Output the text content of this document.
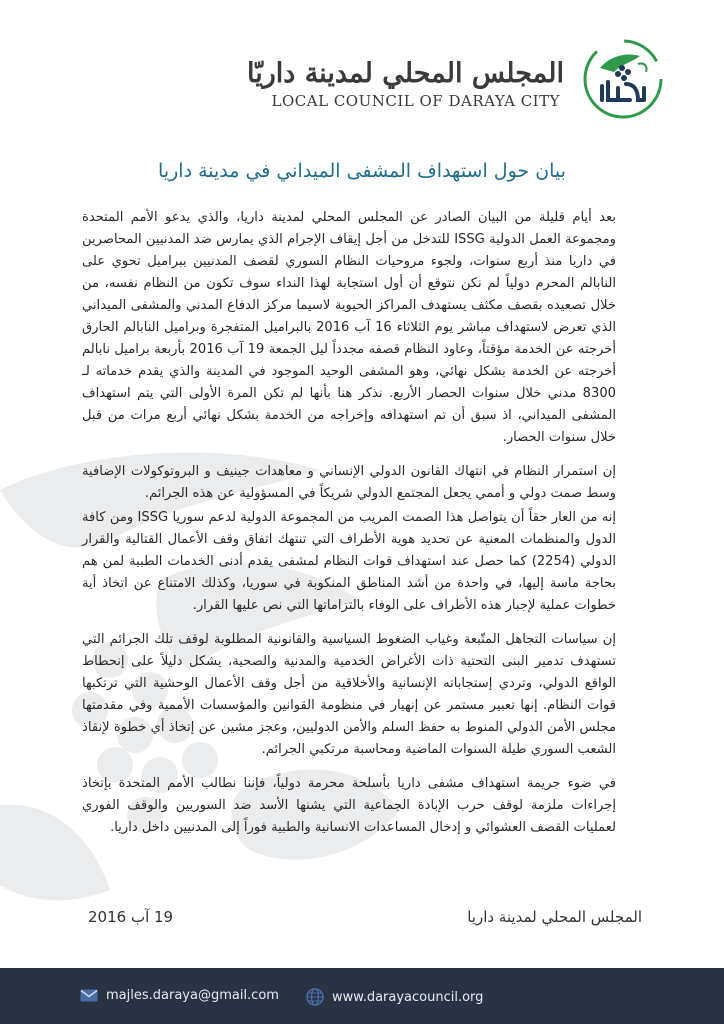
المجلس المحلي لمدينة داريّا
LOCAL COUNCIL OF DARAYA CITY
بيان حول استهداف المشفى الميداني في مدينة داريا

بعد أيام قليلة من البيان الصادر عن المجلس المحلي لمدينة داريا، والذي يدعو الأمم المتحدة ومجموعة العمل الدولية ISSG للتدخل من أجل إيقاف الإجرام الذي يمارس ضد المدنيين المحاصرين في داريا منذ أربع سنوات، ولجوء مروحيات النظام السوري لقصف المدنيين ببراميل تحوي على النابالم المحرم دولياً لم نكن نتوقع أن أول استجابة لهذا النداء سوف تكون من النظام نفسه، من خلال تصعيده بقصف مكثف يستهدف المراكز الحيوية لاسيما مركز الدفاع المدني والمشفى الميداني الذي تعرض لاستهداف مباشر يوم الثلاثاء 16 آب 2016 بالبراميل المتفجرة وبراميل النابالم الحارق أخرجته عن الخدمة مؤقتاً، وعاود النظام قصفه مجدداً ليل الجمعة 19 آب 2016 بأربعة براميل نابالم أخرجته عن الخدمة بشكل نهائي، وهو المشفى الوحيد الموجود في المدينة والذي يقدم خدماته لـ 8300 مدني خلال سنوات الحصار الأربع. نذكر هنا بأنها لم تكن المرة الأولى التي يتم استهداف المشفى الميداني، اذ سبق أن تم استهدافه وإخراجه من الخدمة بشكل نهائي أربع مرات من قبل خلال سنوات الحصار.

إن استمرار النظام في انتهاك القانون الدولي الإنساني و معاهدات جينيف و البروتوكولات الإضافية وسط صمت دولي و أممي يجعل المجتمع الدولي شريكاً في المسؤولية عن هذه الجرائم.

إنه من العار حقاً أن يتواصل هذا الصمت المريب من المجموعة الدولية لدعم سوريا ISSG ومن كافة الدول والمنظمات المعنية عن تحديد هوية الأطراف التي تنتهك اتفاق وقف الأعمال القتالية والقرار الدولي (2254) كما حصل عند استهداف قوات النظام لمشفى يقدم أدنى الخدمات الطبية لمن هم بحاجة ماسة إليها، في واحدة من أشد المناطق المنكوبة في سوريا، وكذلك الامتناع عن اتخاذ أية خطوات عملية لإجبار هذه الأطراف على الوفاء بالتزاماتها التي نص عليها القرار.

إن سياسات التجاهل المتّبعة وغياب الضغوط السياسية والقانونية المطلوبة لوقف تلك الجرائم التي تستهدف تدمير البنى التحتية ذات الأغراض الخدمية والمدنية والصحية، يشكل دليلاً على إنحطاط الواقع الدولي، وتردي إستجاباته الإنسانية والأخلاقية من أجل وقف الأعمال الوحشية التي ترتكبها قوات النظام. إنها تعبير مستمر عن إنهيار في منظومة القوانين والمؤسسات الأممية وفي مقدمتها مجلس الأمن الدولي المنوط به حفظ السلم والأمن الدوليين، وعجز مشين عن إتخاذ أي خطوة لإنقاذ الشعب السوري طيلة السنوات الماضية ومحاسبة مرتكبي الجرائم.

في ضوء جريمة استهداف مشفى داريا بأسلحة محرمة دولياً، فإننا نطالب الأمم المتحدة بإتخاذ إجراءات ملزمة لوقف حرب الإبادة الجماعية التي يشنها الأسد ضد السوريين والوقف الفوري لعمليات القصف العشوائي و إدخال المساعدات الانسانية والطبية فوراً إلى المدنيين داخل داريا.

المجلس المحلي لمدينة داريا
19 آب 2016
majles.daraya@gmail.com	www.darayacouncil.org
